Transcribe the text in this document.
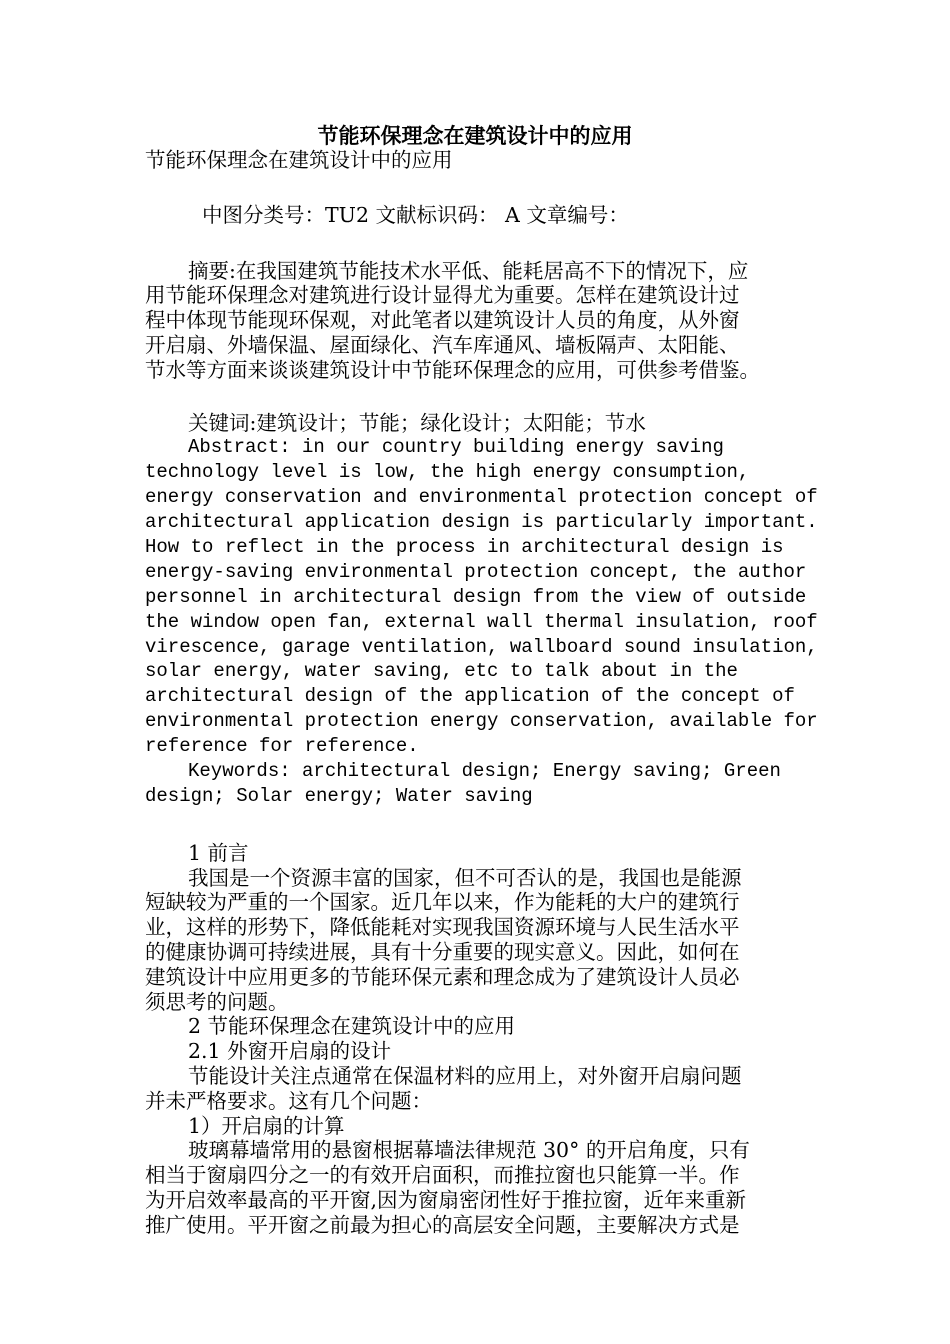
节能环保理念在建筑设计中的应用

节能环保理念在建筑设计中的应用

中图分类号：TU2 文献标识码： A 文章编号：

摘要:在我国建筑节能技术水平低、能耗居高不下的情况下，应

用节能环保理念对建筑进行设计显得尤为重要。怎样在建筑设计过

程中体现节能现环保观，对此笔者以建筑设计人员的角度，从外窗

开启扇、外墙保温、屋面绿化、汽车库通风、墙板隔声、太阳能、

节水等方面来谈谈建筑设计中节能环保理念的应用，可供参考借鉴。

关键词:建筑设计；节能；绿化设计；太阳能；节水

Abstract: in our country building energy saving

technology level is low, the high energy consumption,

energy conservation and environmental protection concept of

architectural application design is particularly important.

How to reflect in the process in architectural design is

energy-saving environmental protection concept, the author

personnel in architectural design from the view of outside

the window open fan, external wall thermal insulation, roof

virescence, garage ventilation, wallboard sound insulation,

solar energy, water saving, etc to talk about in the

architectural design of the application of the concept of

environmental protection energy conservation, available for

reference for reference.

Keywords: architectural design; Energy saving; Green

design; Solar energy; Water saving

1 前言

我国是一个资源丰富的国家，但不可否认的是，我国也是能源

短缺较为严重的一个国家。近几年以来，作为能耗的大户的建筑行

业，这样的形势下，降低能耗对实现我国资源环境与人民生活水平

的健康协调可持续进展，具有十分重要的现实意义。因此，如何在

建筑设计中应用更多的节能环保元素和理念成为了建筑设计人员必

须思考的问题。

2 节能环保理念在建筑设计中的应用

2.1 外窗开启扇的设计

节能设计关注点通常在保温材料的应用上，对外窗开启扇问题

并未严格要求。这有几个问题：

1）开启扇的计算

玻璃幕墙常用的悬窗根据幕墙法律规范 30° 的开启角度，只有

相当于窗扇四分之一的有效开启面积，而推拉窗也只能算一半。作

为开启效率最高的平开窗,因为窗扇密闭性好于推拉窗，近年来重新

推广使用。平开窗之前最为担心的高层安全问题，主要解决方式是
